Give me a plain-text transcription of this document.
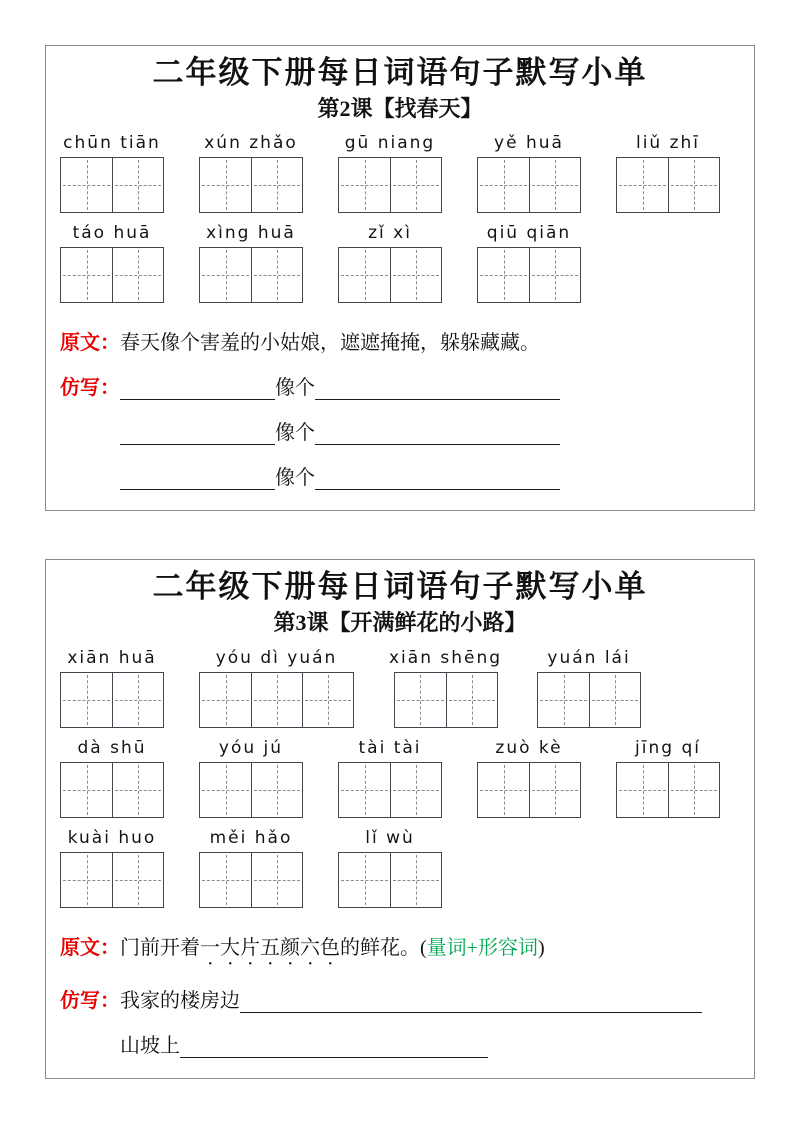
二年级下册每日词语句子默写小单
第2课【找春天】
chūn tiān	xún zhǎo	gū niang	yě huā	liǔ zhī
táo huā	xìng huā	zǐ xì	qiū qiān
原文：春天像个害羞的小姑娘，遮遮掩掩，躲躲藏藏。
仿写：	像个
像个
像个
二年级下册每日词语句子默写小单
第3课【开满鲜花的小路】
xiān huā	yóu dì yuán	xiān shēng	yuán lái
dà shū	yóu jú	tài tài	zuò kè	jīng qí
kuài huo	měi hǎo	lǐ wù
原文：门前开着一大片五颜六色的鲜花。(量词+形容词)
仿写： 我家的楼房边
山坡上
